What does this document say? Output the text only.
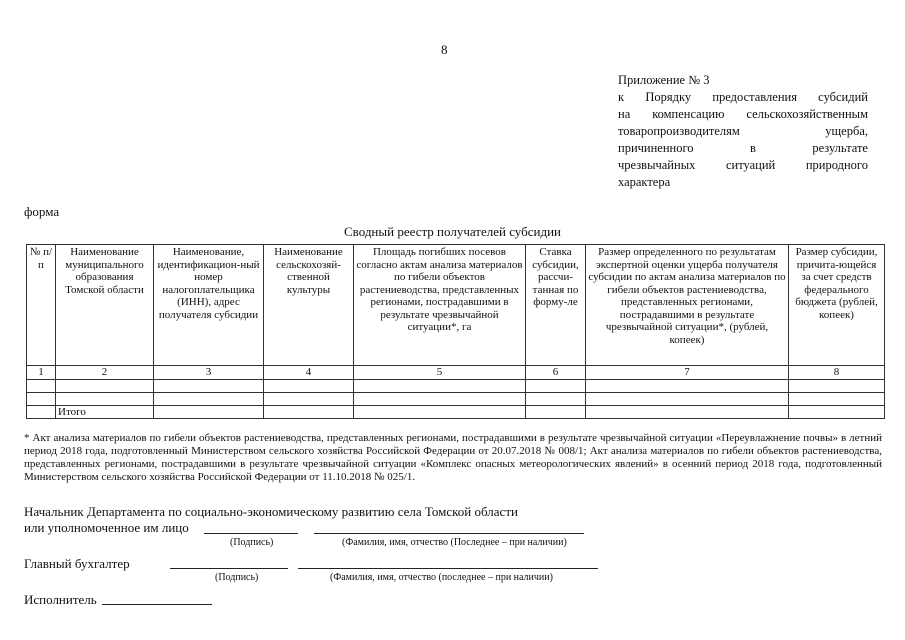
8
Приложение № 3
к Порядку предоставления субсидий
на компенсацию сельскохозяйственным
товаропроизводителям ущерба,
причиненного в результате
чрезвычайных ситуаций природного
характера
форма
Сводный реестр получателей субсидии
№ п/п	Наименование муниципального образования Томской области	Наименование, идентификацион-ный номер налогоплательщика (ИНН), адрес получателя субсидии	Наименование сельскохозяй-ственной культуры	Площадь погибших посевов согласно актам анализа материалов по гибели объектов растениеводства, представленных регионами, пострадавшими в результате чрезвычайной ситуации*, га	Ставка субсидии, рассчи-танная по форму-ле	Размер определенного по результатам экспертной оценки ущерба получателя субсидии по актам анализа материалов по гибели объектов растениеводства, представленных регионами, пострадавшими в результате чрезвычайной ситуации*, (рублей, копеек)	Размер субсидии, причита-ющейся за счет средств федерального бюджета (рублей, копеек)
1	2	3	4	5	6	7	8

	Итого						
* Акт анализа материалов по гибели объектов растениеводства, представленных регионами, пострадавшими в результате чрезвычайной ситуации «Переувлажнение почвы» в летний период 2018 года, подготовленный Министерством сельского хозяйства Российской Федерации от 20.07.2018 № 008/1; Акт анализа материалов по гибели объектов растениеводства, представленных регионами, пострадавшими в результате чрезвычайной ситуации «Комплекс опасных метеорологических явлений» в осенний период 2018 года, подготовленный Министерством сельского хозяйства Российской Федерации от 11.10.2018 № 025/1.
Начальник Департамента по социально-экономическому развитию села Томской области
или уполномоченное им лицо
(Подпись)	(Фамилия, имя, отчество (Последнее – при наличии)
Главный бухгалтер
(Подпись)	(Фамилия, имя, отчество (последнее – при наличии)
Исполнитель
